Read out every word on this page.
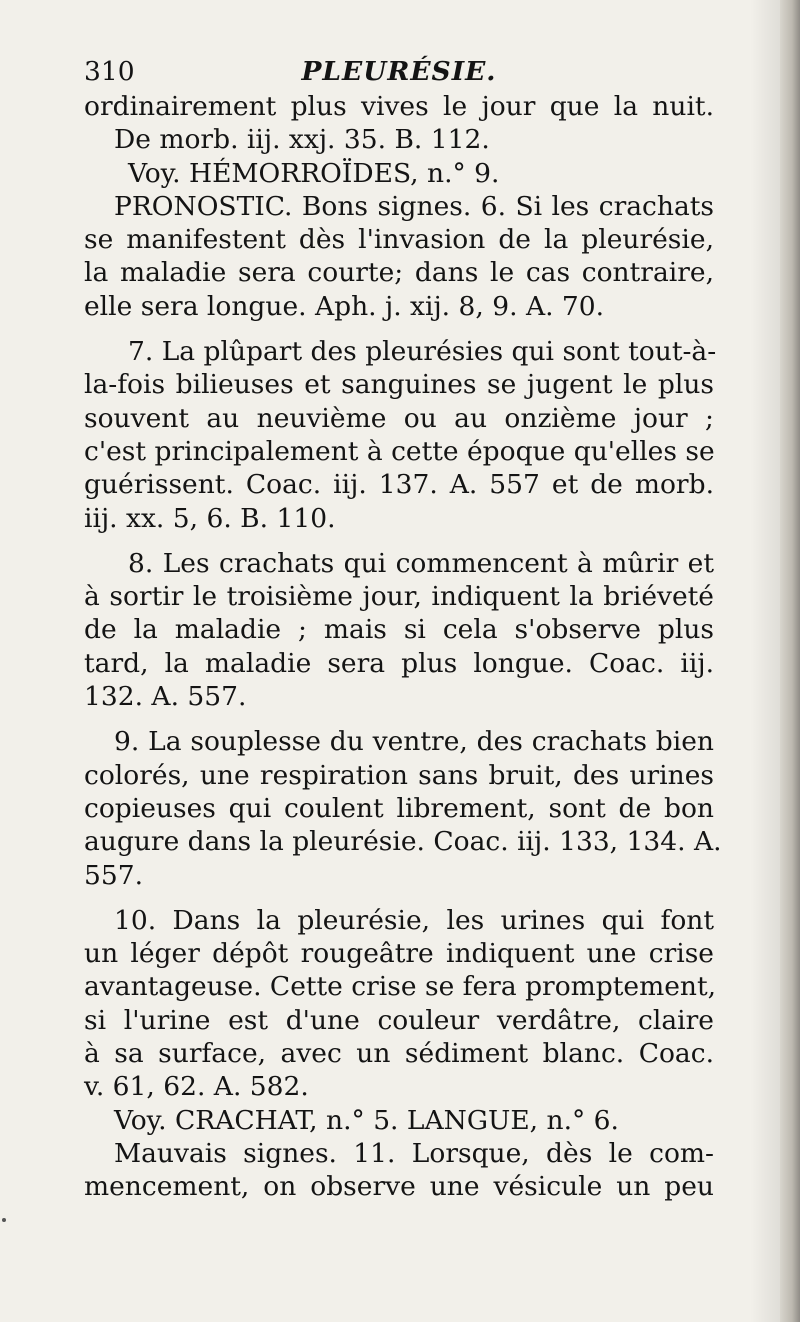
310	PLEURÉSIE.
ordinairement plus vives le jour que la nuit.
De morb. iij. xxj. 35. B. 112.
Voy. HÉMORROÏDES, n.° 9.
PRONOSTIC. Bons signes. 6. Si les crachats
se manifestent dès l'invasion de la pleurésie,
la maladie sera courte; dans le cas contraire,
elle sera longue. Aph. j. xij. 8, 9. A. 70.
7. La plûpart des pleurésies qui sont tout-à-
la-fois bilieuses et sanguines se jugent le plus
souvent au neuvième ou au onzième jour ;
c'est principalement à cette époque qu'elles se
guérissent. Coac. iij. 137. A. 557 et de morb.
iij. xx. 5, 6. B. 110.
8. Les crachats qui commencent à mûrir et
à sortir le troisième jour, indiquent la briéveté
de la maladie ; mais si cela s'observe plus
tard, la maladie sera plus longue. Coac. iij.
132. A. 557.
9. La souplesse du ventre, des crachats bien
colorés, une respiration sans bruit, des urines
copieuses qui coulent librement, sont de bon
augure dans la pleurésie. Coac. iij. 133, 134. A.
557.
10. Dans la pleurésie, les urines qui font
un léger dépôt rougeâtre indiquent une crise
avantageuse. Cette crise se fera promptement,
si l'urine est d'une couleur verdâtre, claire
à sa surface, avec un sédiment blanc. Coac.
v. 61, 62. A. 582.
Voy. CRACHAT, n.° 5. LANGUE, n.° 6.
Mauvais signes. 11. Lorsque, dès le com-
mencement, on observe une vésicule un peu
